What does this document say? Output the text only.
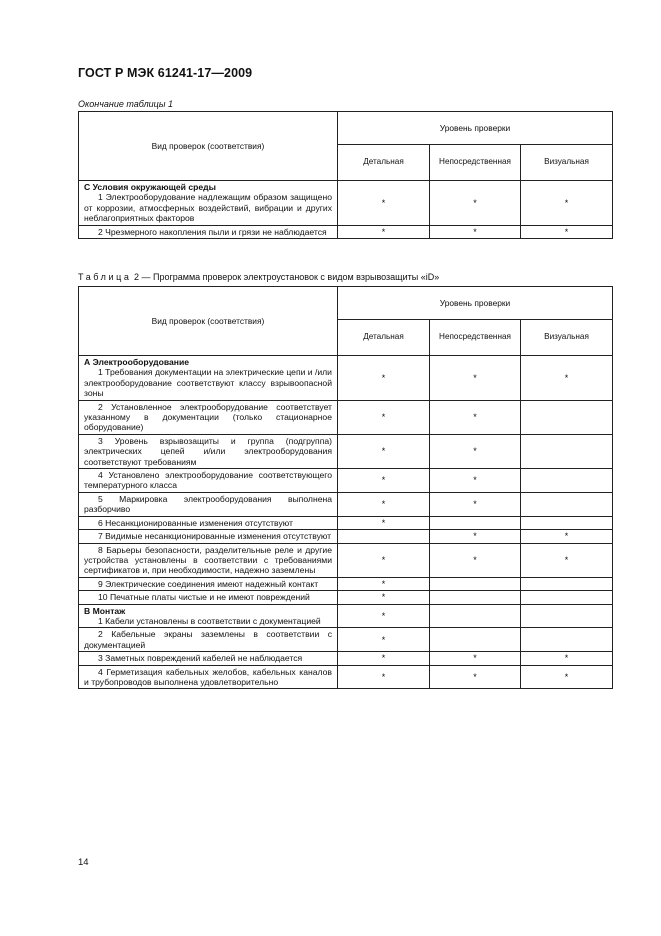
ГОСТ Р МЭК 61241-17—2009
Окончание таблицы 1
Вид проверок (соответствия)	Уровень проверки		
	Детальная	Непосредственная	Визуальная

С Условия окружающей среды
1 Электрооборудование надлежащим образом защищено от коррозии, атмосферных воздействий, вибрации и других неблагоприятных факторов	*	*	*

2 Чрезмерного накопления пыли и грязи не наблюдается	*	*	*
Таблица 2 — Программа проверок электроустановок с видом взрывозащиты «iD»
Вид проверок (соответствия)	Уровень проверки		
	Детальная	Непосредственная	Визуальная

А Электрооборудование
1 Требования документации на электрические цепи и /или электрооборудование соответствуют классу взрывоопасной зоны	*	*	*

2 Установленное электрооборудование соответствует указанному в документации (только стационарное оборудование)	*	*	

3 Уровень взрывозащиты и группа (подгруппа) электрических цепей и/или электрооборудования соответствуют требованиям	*	*	

4 Установлено электрооборудование соответствующего температурного класса	*	*	

5 Маркировка электрооборудования выполнена разборчиво	*	*	

6 Несанкционированные изменения отсутствуют	*		

7 Видимые несанкционированные изменения отсутствуют		*	*

8 Барьеры безопасности, разделительные реле и другие устройства установлены в соответствии с требованиями сертификатов и, при необходимости, надежно заземлены	*	*	*

9 Электрические соединения имеют надежный контакт	*		

10 Печатные платы чистые и не имеют повреждений	*		

В Монтаж
1 Кабели установлены в соответствии с документацией	*		

2 Кабельные экраны заземлены в соответствии с документацией	*		

3 Заметных повреждений кабелей не наблюдается	*	*	*

4 Герметизация кабельных желобов, кабельных каналов и трубопроводов выполнена удовлетворительно	*	*	*
14
